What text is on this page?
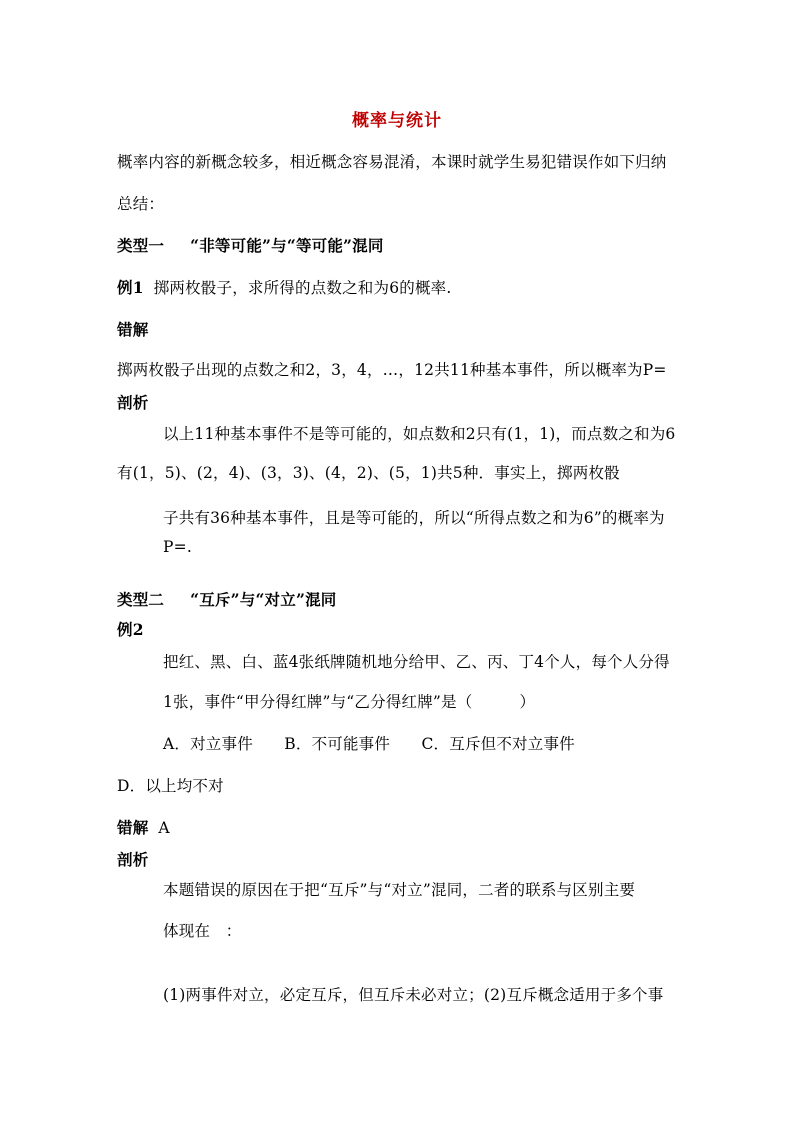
概率与统计
概率内容的新概念较多，相近概念容易混淆，本课时就学生易犯错误作如下归纳
总结：
类型一 “非等可能”与“等可能”混同
例1 掷两枚骰子，求所得的点数之和为6的概率.
错解
掷两枚骰子出现的点数之和2，3，4，…，12共11种基本事件，所以概率为P=
剖析
以上11种基本事件不是等可能的，如点数和2只有(1，1)，而点数之和为6
有(1，5)、(2，4)、(3，3)、(4，2)、(5，1)共5种．事实上，掷两枚骰
子共有36种基本事件，且是等可能的，所以“所得点数之和为6”的概率为
P=.
类型二 “互斥”与“对立”混同
例2
把红、黑、白、蓝4张纸牌随机地分给甲、乙、丙、丁4个人，每个人分得
1张，事件“甲分得红牌”与“乙分得红牌”是（　　　）
A．对立事件　　B．不可能事件　　C．互斥但不对立事件
D．以上均不对
错解 A
剖析
本题错误的原因在于把“互斥”与“对立”混同，二者的联系与区别主要
体现在　：
(1)两事件对立，必定互斥，但互斥未必对立；(2)互斥概念适用于多个事
